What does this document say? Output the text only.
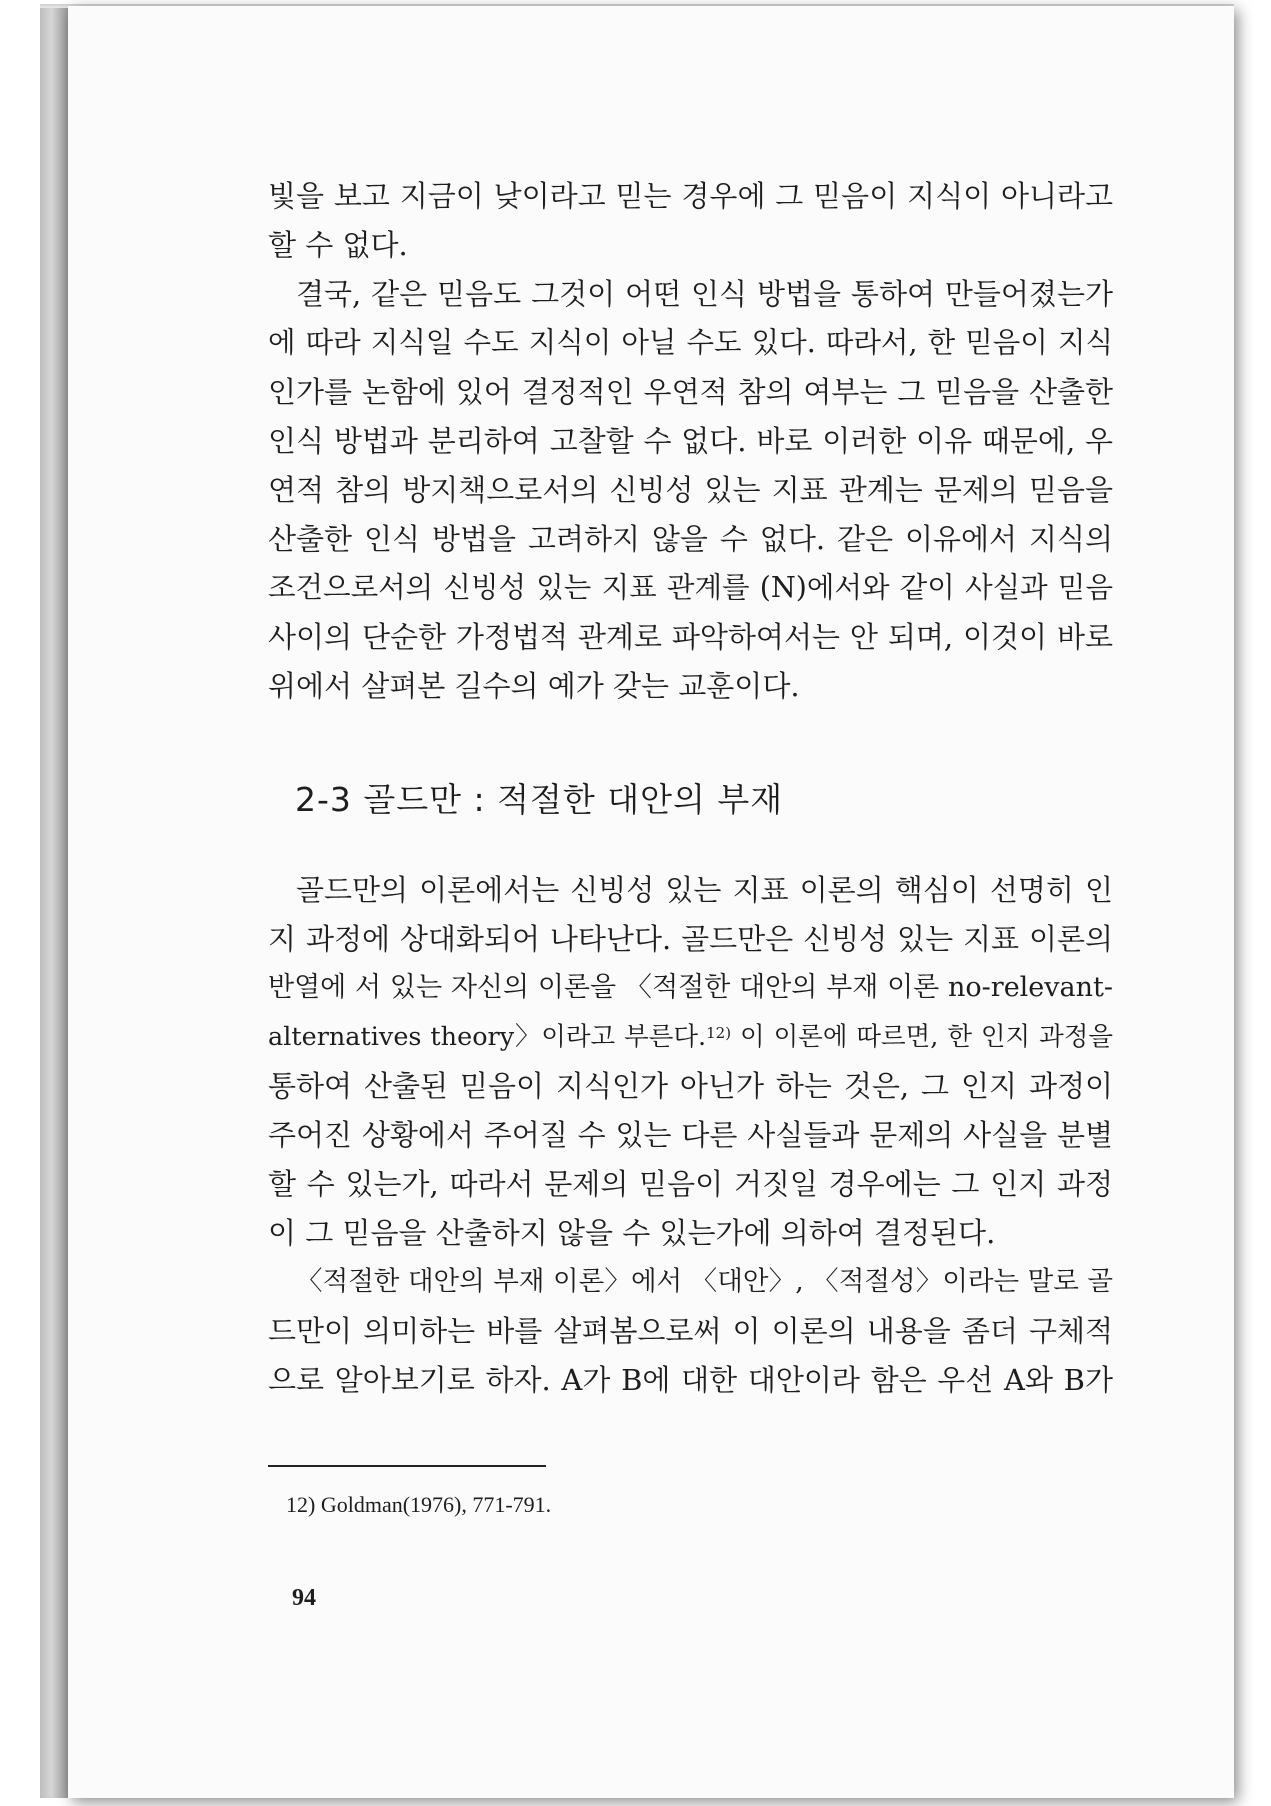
빛을 보고 지금이 낮이라고 믿는 경우에 그 믿음이 지식이 아니라고

할 수 없다.

결국, 같은 믿음도 그것이 어떤 인식 방법을 통하여 만들어졌는가

에 따라 지식일 수도 지식이 아닐 수도 있다. 따라서, 한 믿음이 지식

인가를 논함에 있어 결정적인 우연적 참의 여부는 그 믿음을 산출한

인식 방법과 분리하여 고찰할 수 없다. 바로 이러한 이유 때문에, 우

연적 참의 방지책으로서의 신빙성 있는 지표 관계는 문제의 믿음을

산출한 인식 방법을 고려하지 않을 수 없다. 같은 이유에서 지식의

조건으로서의 신빙성 있는 지표 관계를 (N)에서와 같이 사실과 믿음

사이의 단순한 가정법적 관계로 파악하여서는 안 되며, 이것이 바로

위에서 살펴본 길수의 예가 갖는 교훈이다.

2-3 골드만 : 적절한 대안의 부재

골드만의 이론에서는 신빙성 있는 지표 이론의 핵심이 선명히 인

지 과정에 상대화되어 나타난다. 골드만은 신빙성 있는 지표 이론의

반열에 서 있는 자신의 이론을 〈적절한 대안의 부재 이론 no-relevant-

alternatives theory〉이라고 부른다.$^{12)}$ 이 이론에 따르면, 한 인지 과정을

통하여 산출된 믿음이 지식인가 아닌가 하는 것은, 그 인지 과정이

주어진 상황에서 주어질 수 있는 다른 사실들과 문제의 사실을 분별

할 수 있는가, 따라서 문제의 믿음이 거짓일 경우에는 그 인지 과정

이 그 믿음을 산출하지 않을 수 있는가에 의하여 결정된다.

〈적절한 대안의 부재 이론〉에서 〈대안〉, 〈적절성〉이라는 말로 골

드만이 의미하는 바를 살펴봄으로써 이 이론의 내용을 좀더 구체적

으로 알아보기로 하자. A가 B에 대한 대안이라 함은 우선 A와 B가

12) Goldman(1976), 771-791.

94
